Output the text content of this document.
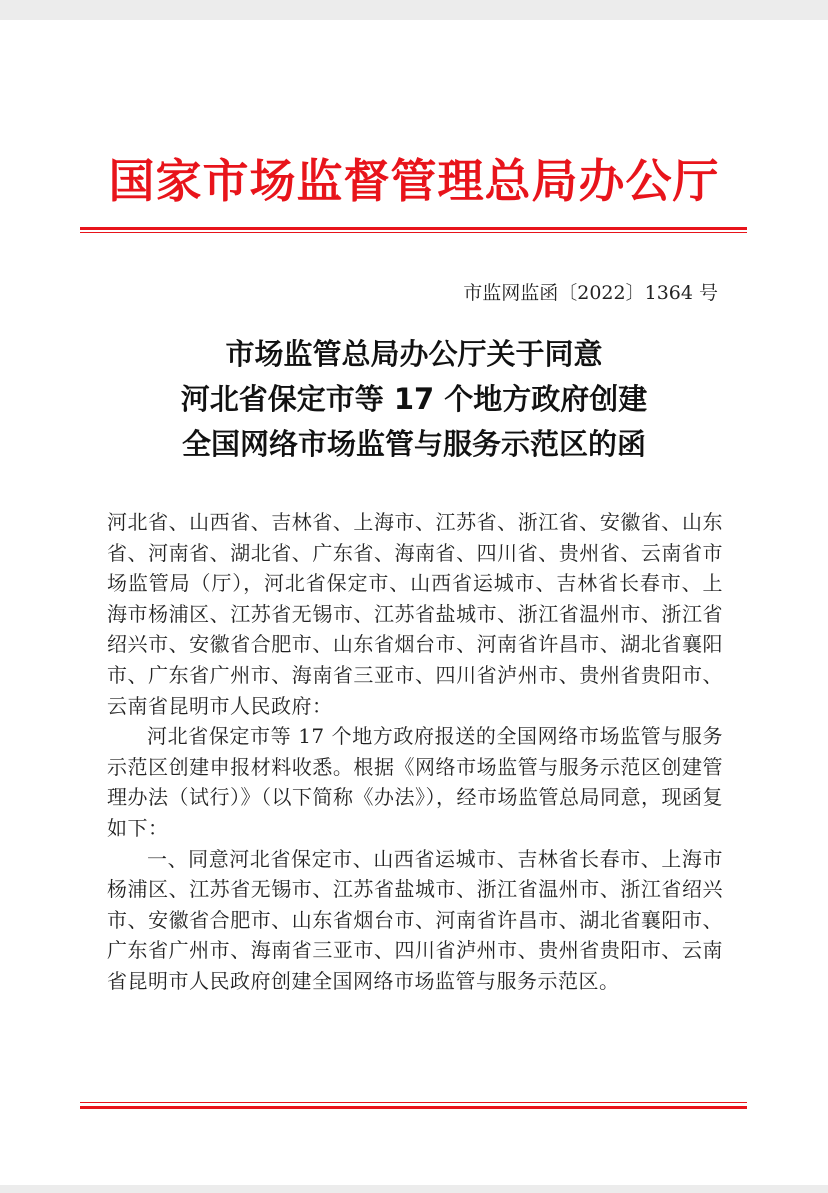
国家市场监督管理总局办公厅
市监网监函〔2022〕1364 号
市场监管总局办公厅关于同意
河北省保定市等 17 个地方政府创建
全国网络市场监管与服务示范区的函

河北省、山西省、吉林省、上海市、江苏省、浙江省、安徽省、山东省、河南省、湖北省、广东省、海南省、四川省、贵州省、云南省市场监管局（厅），河北省保定市、山西省运城市、吉林省长春市、上海市杨浦区、江苏省无锡市、江苏省盐城市、浙江省温州市、浙江省绍兴市、安徽省合肥市、山东省烟台市、河南省许昌市、湖北省襄阳市、广东省广州市、海南省三亚市、四川省泸州市、贵州省贵阳市、云南省昆明市人民政府：

河北省保定市等 17 个地方政府报送的全国网络市场监管与服务示范区创建申报材料收悉。根据《网络市场监管与服务示范区创建管理办法（试行）》（以下简称《办法》），经市场监管总局同意，现函复如下：

一、同意河北省保定市、山西省运城市、吉林省长春市、上海市杨浦区、江苏省无锡市、江苏省盐城市、浙江省温州市、浙江省绍兴市、安徽省合肥市、山东省烟台市、河南省许昌市、湖北省襄阳市、广东省广州市、海南省三亚市、四川省泸州市、贵州省贵阳市、云南省昆明市人民政府创建全国网络市场监管与服务示范区。
